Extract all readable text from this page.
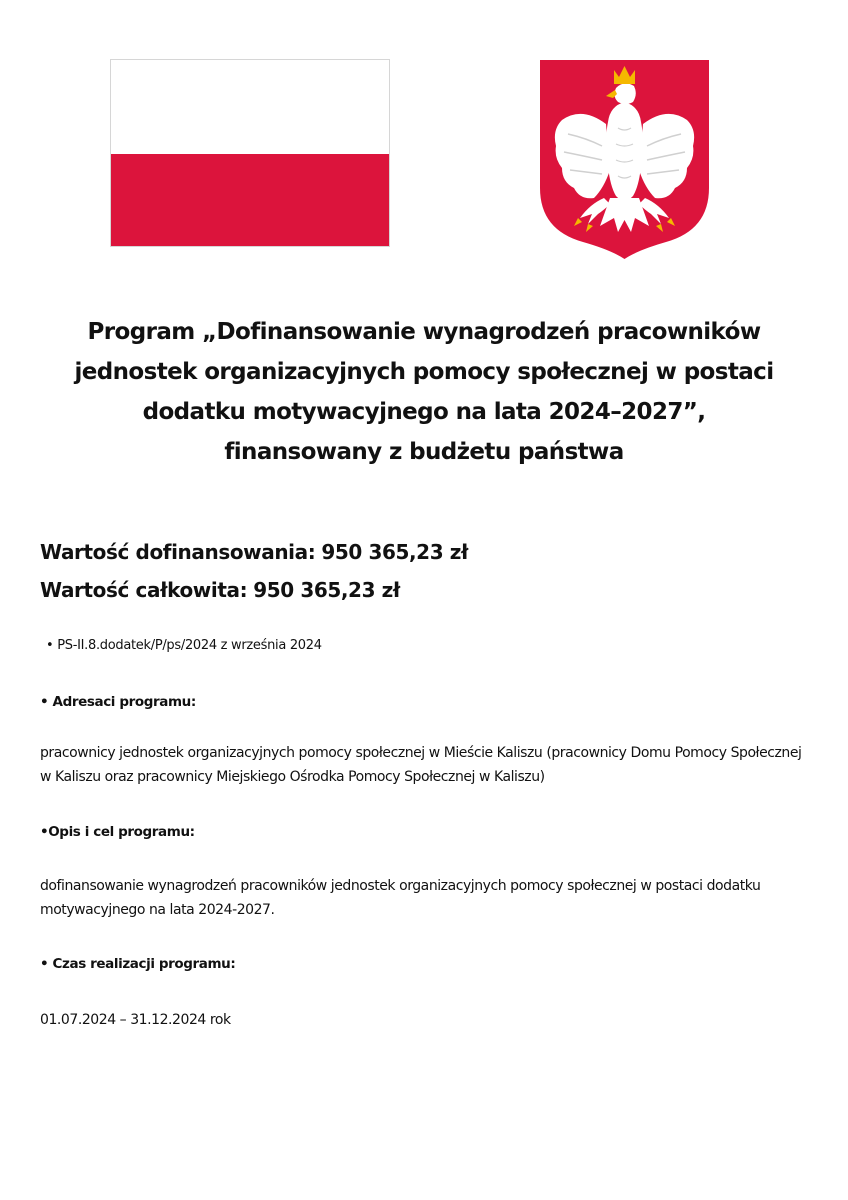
Program „Dofinansowanie wynagrodzeń pracowników
jednostek organizacyjnych pomocy społecznej w postaci
dodatku motywacyjnego na lata 2024–2027”,
finansowany z budżetu państwa
Wartość dofinansowania: 950 365,23 zł
Wartość całkowita: 950 365,23 zł
• PS-II.8.dodatek/P/ps/2024 z września 2024
• Adresaci programu:
pracownicy jednostek organizacyjnych pomocy społecznej w Mieście Kaliszu (pracownicy Domu Pomocy Społecznej w Kaliszu oraz pracownicy Miejskiego Ośrodka Pomocy Społecznej w Kaliszu)
•Opis i cel programu:
dofinansowanie wynagrodzeń pracowników jednostek organizacyjnych pomocy społecznej w postaci dodatku motywacyjnego na lata 2024-2027.
• Czas realizacji programu:
01.07.2024 – 31.12.2024 rok
